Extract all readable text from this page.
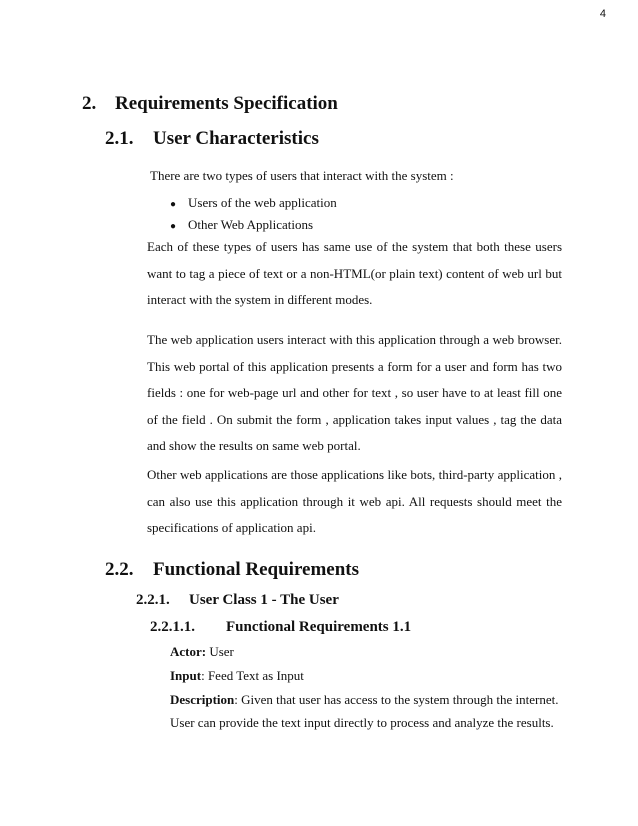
4
2. Requirements Specification
2.1. User Characteristics
There are two types of users that interact with the system :
● Users of the web application
● Other Web Applications
Each of these types of users has same use of the system that both these users want to tag a piece of text or a non-HTML(or plain text) content of web url but interact with the system in different modes.
The web application users interact with this application through a web browser. This web portal of this application presents a form for a user and form has two fields : one for web-page url and other for text , so user have to at least fill one of the field . On submit the form , application takes input values , tag the data and show the results on same web portal.
Other web applications are those applications like bots, third-party application , can also use this application through it web api. All requests should meet the specifications of application api.
2.2. Functional Requirements
2.2.1. User Class 1 - The User
2.2.1.1. Functional Requirements 1.1
Actor: User
Input: Feed Text as Input
Description: Given that user has access to the system through the internet.
User can provide the text input directly to process and analyze the results.
